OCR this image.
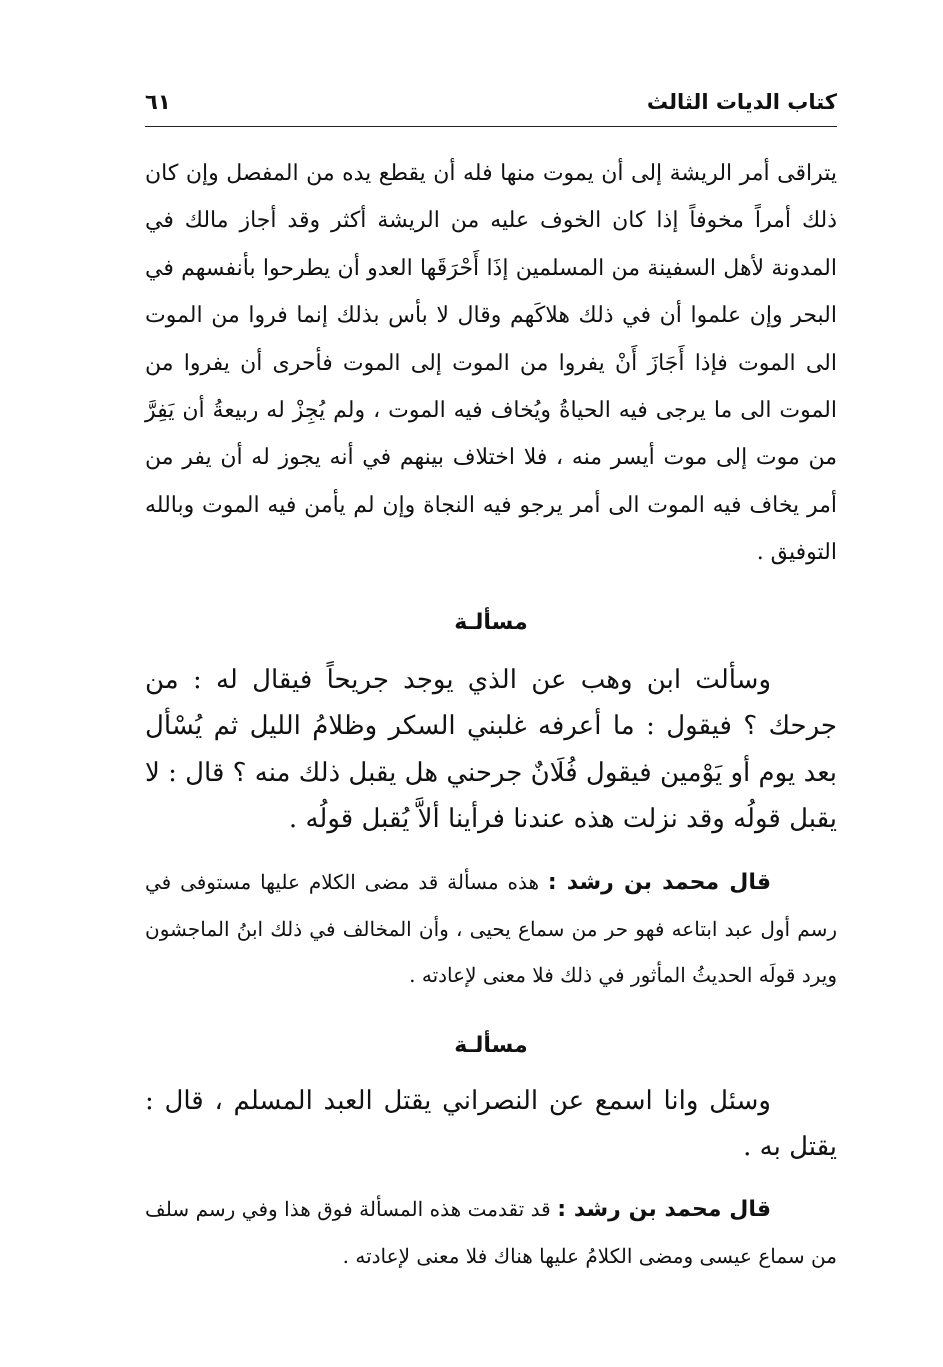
كتاب الديات الثالث
٦١

يتراقى أمر الريشة إلى أن يموت منها فله أن يقطع يده من المفصل وإن كان ذلك أمراً مخوفاً إذا كان الخوف عليه من الريشة أكثر وقد أجاز مالك في المدونة لأهل السفينة من المسلمين إذَا أَحْرَقَها العدو أن يطرحوا بأنفسهم في البحر وإن علموا أن في ذلك هلاكَهم وقال لا بأس بذلك إنما فروا من الموت الى الموت فإذا أَجَازَ أَنْ يفروا من الموت إلى الموت فأحرى أن يفروا من الموت الى ما يرجى فيه الحياةُ ويُخاف فيه الموت ، ولم يُجِزْ له ربيعةُ أن يَفِرَّ من موت إلى موت أيسر منه ، فلا اختلاف بينهم في أنه يجوز له أن يفر من أمر يخاف فيه الموت الى أمر يرجو فيه النجاة وإن لم يأمن فيه الموت وبالله التوفيق .

مسألـة

وسألت ابن وهب عن الذي يوجد جريحاً فيقال له : من جرحك ؟ فيقول : ما أعرفه غلبني السكر وظلامُ الليل ثم يُسْأل بعد يوم أو يَوْمين فيقول فُلَانٌ جرحني هل يقبل ذلك منه ؟ قال : لا يقبل قولُه وقد نزلت هذه عندنا فرأينا ألاَّ يُقبل قولُه .

قال محمد بن رشد : هذه مسألة قد مضى الكلام عليها مستوفى في رسم أول عبد ابتاعه فهو حر من سماع يحيى ، وأن المخالف في ذلك ابنُ الماجشون ويرد قولَه الحديثُ المأثور في ذلك فلا معنى لإعادته .

مسألـة

وسئل وانا اسمع عن النصراني يقتل العبد المسلم ، قال : يقتل به .

قال محمد بن رشد : قد تقدمت هذه المسألة فوق هذا وفي رسم سلف من سماع عيسى ومضى الكلامُ عليها هناك فلا معنى لإعادته .
